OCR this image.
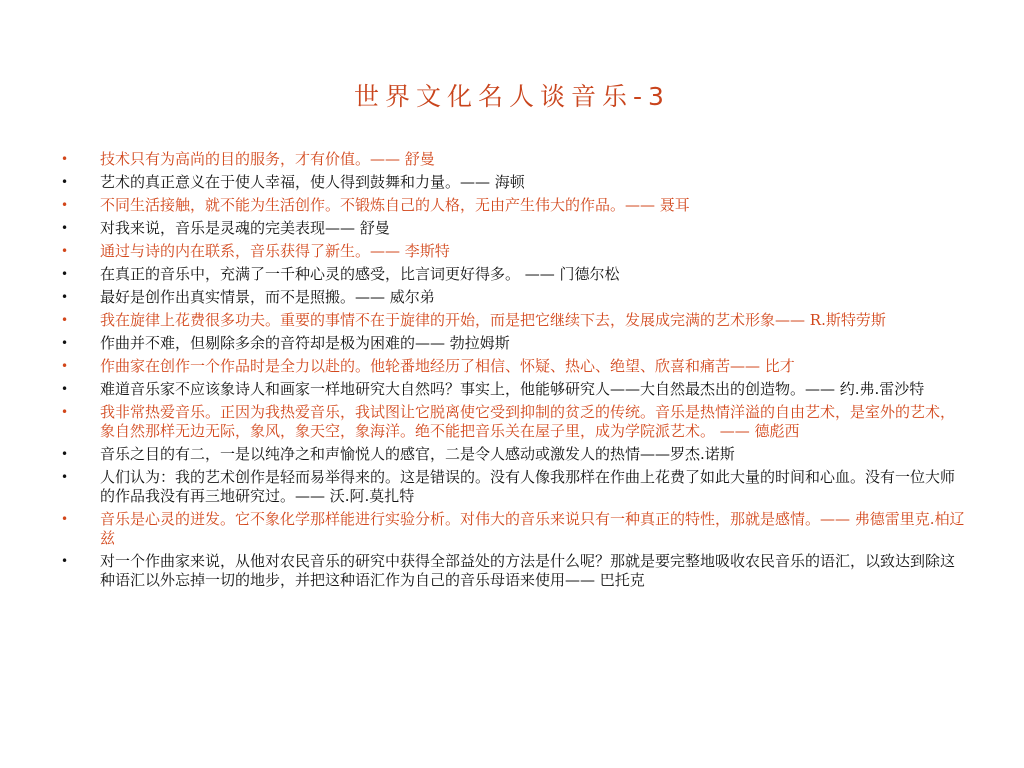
世界文化名人谈音乐-3
•	技术只有为高尚的目的服务，才有价值。—— 舒曼
•	艺术的真正意义在于使人幸福，使人得到鼓舞和力量。—— 海顿
•	不同生活接触，就不能为生活创作。不锻炼自己的人格，无由产生伟大的作品。—— 聂耳
•	对我来说，音乐是灵魂的完美表现—— 舒曼
•	通过与诗的内在联系，音乐获得了新生。—— 李斯特
•	在真正的音乐中，充满了一千种心灵的感受，比言词更好得多。 —— 门德尔松
•	最好是创作出真实情景，而不是照搬。—— 威尔弟
•	我在旋律上花费很多功夫。重要的事情不在于旋律的开始，而是把它继续下去，发展成完满的艺术形象—— R.斯特劳斯
•	作曲并不难，但剔除多余的音符却是极为困难的—— 勃拉姆斯
•	作曲家在创作一个作品时是全力以赴的。他轮番地经历了相信、怀疑、热心、绝望、欣喜和痛苦—— 比才
•	难道音乐家不应该象诗人和画家一样地研究大自然吗？事实上，他能够研究人——大自然最杰出的创造物。—— 约.弗.雷沙特
•	我非常热爱音乐。正因为我热爱音乐，我试图让它脱离使它受到抑制的贫乏的传统。音乐是热情洋溢的自由艺术，是室外的艺术，象自然那样无边无际，象风，象天空，象海洋。绝不能把音乐关在屋子里，成为学院派艺术。 —— 德彪西
•	音乐之目的有二，一是以纯净之和声愉悦人的感官，二是令人感动或激发人的热情——罗杰.诺斯
•	人们认为：我的艺术创作是轻而易举得来的。这是错误的。没有人像我那样在作曲上花费了如此大量的时间和心血。没有一位大师的作品我没有再三地研究过。—— 沃.阿.莫扎特
•	音乐是心灵的迸发。它不象化学那样能进行实验分析。对伟大的音乐来说只有一种真正的特性，那就是感情。—— 弗德雷里克.柏辽兹
•	对一个作曲家来说，从他对农民音乐的研究中获得全部益处的方法是什么呢？那就是要完整地吸收农民音乐的语汇，以致达到除这种语汇以外忘掉一切的地步，并把这种语汇作为自己的音乐母语来使用—— 巴托克
